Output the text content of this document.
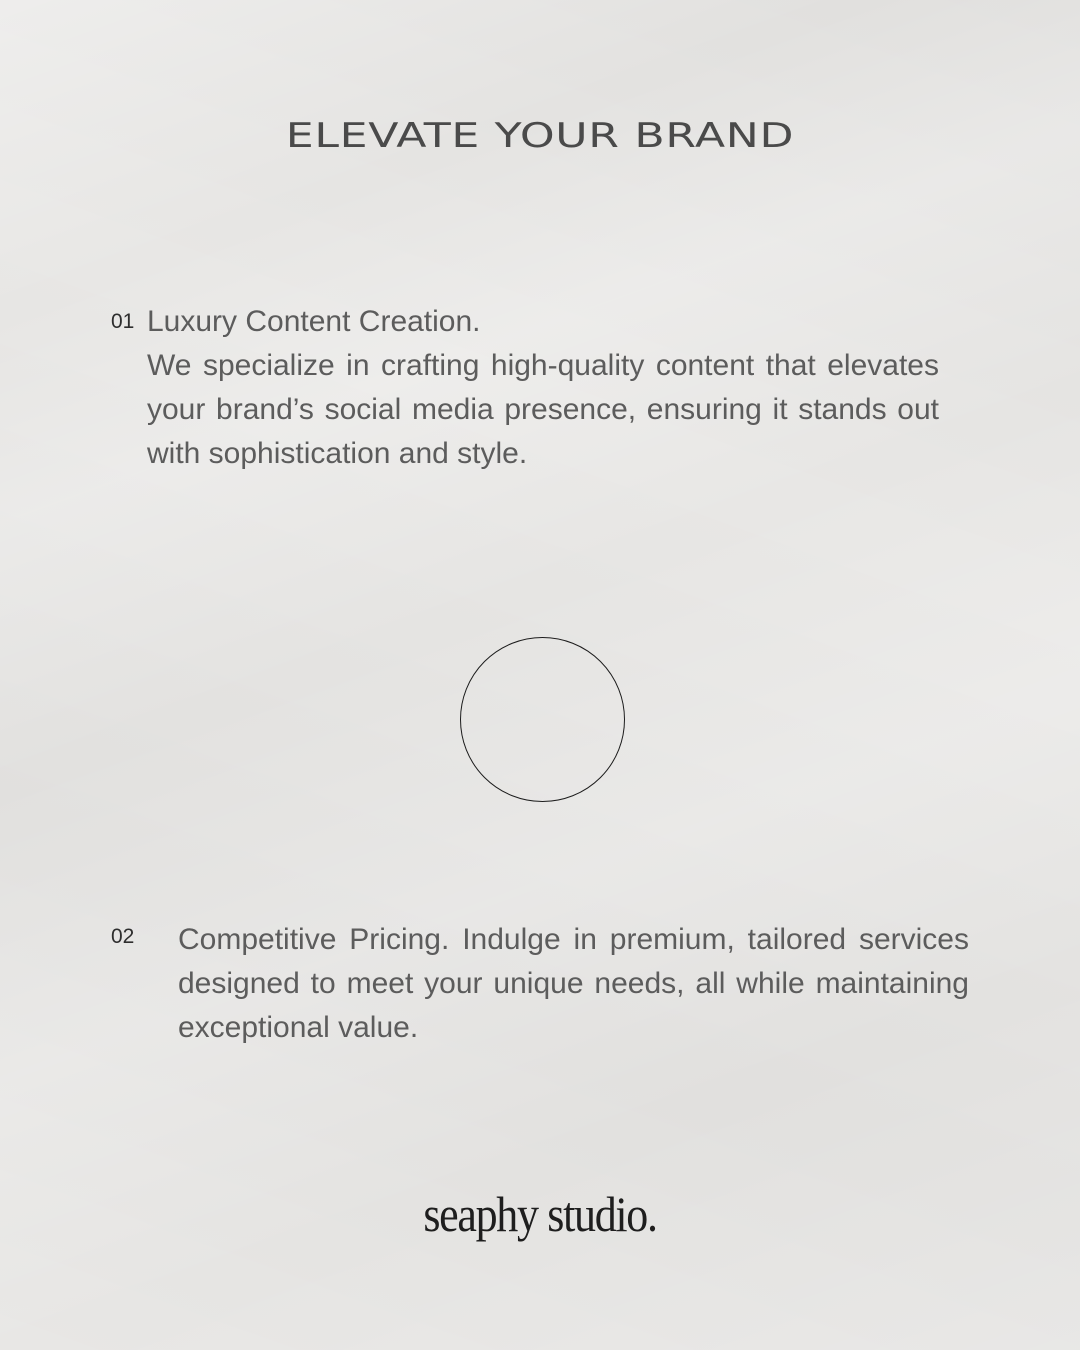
ELEVATE YOUR BRAND
01 Luxury Content Creation.
We specialize in crafting high-quality content that elevates your brand’s social media presence, ensuring it stands out with sophistication and style.
02 Competitive Pricing. Indulge in premium, tailored services designed to meet your unique needs, all while maintaining exceptional value.
seaphy studio.
